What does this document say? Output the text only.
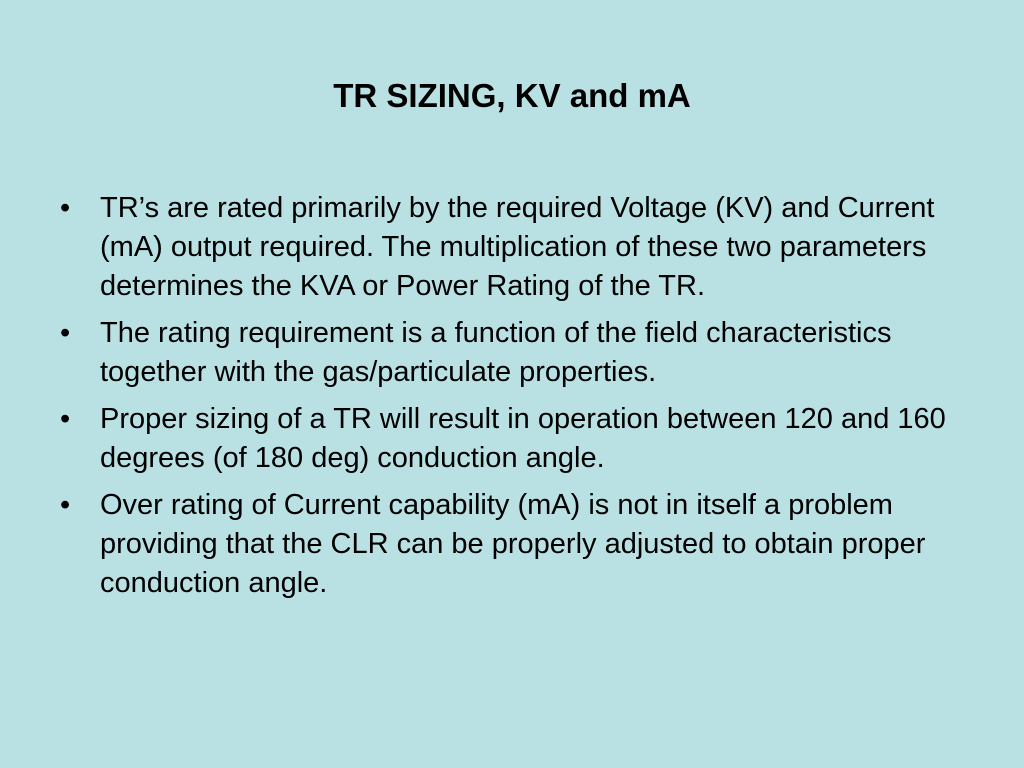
TR SIZING, KV and mA
•	TR’s are rated primarily by the required Voltage (KV) and Current (mA) output required. The multiplication of these two parameters determines the KVA or Power Rating of the TR.
•	The rating requirement is a function of the field characteristics together with the gas/particulate properties.
•	Proper sizing of a TR will result in operation between 120 and 160 degrees (of 180 deg) conduction angle.
•	Over rating of Current capability (mA) is not in itself a problem providing that the CLR can be properly adjusted to obtain proper conduction angle.
